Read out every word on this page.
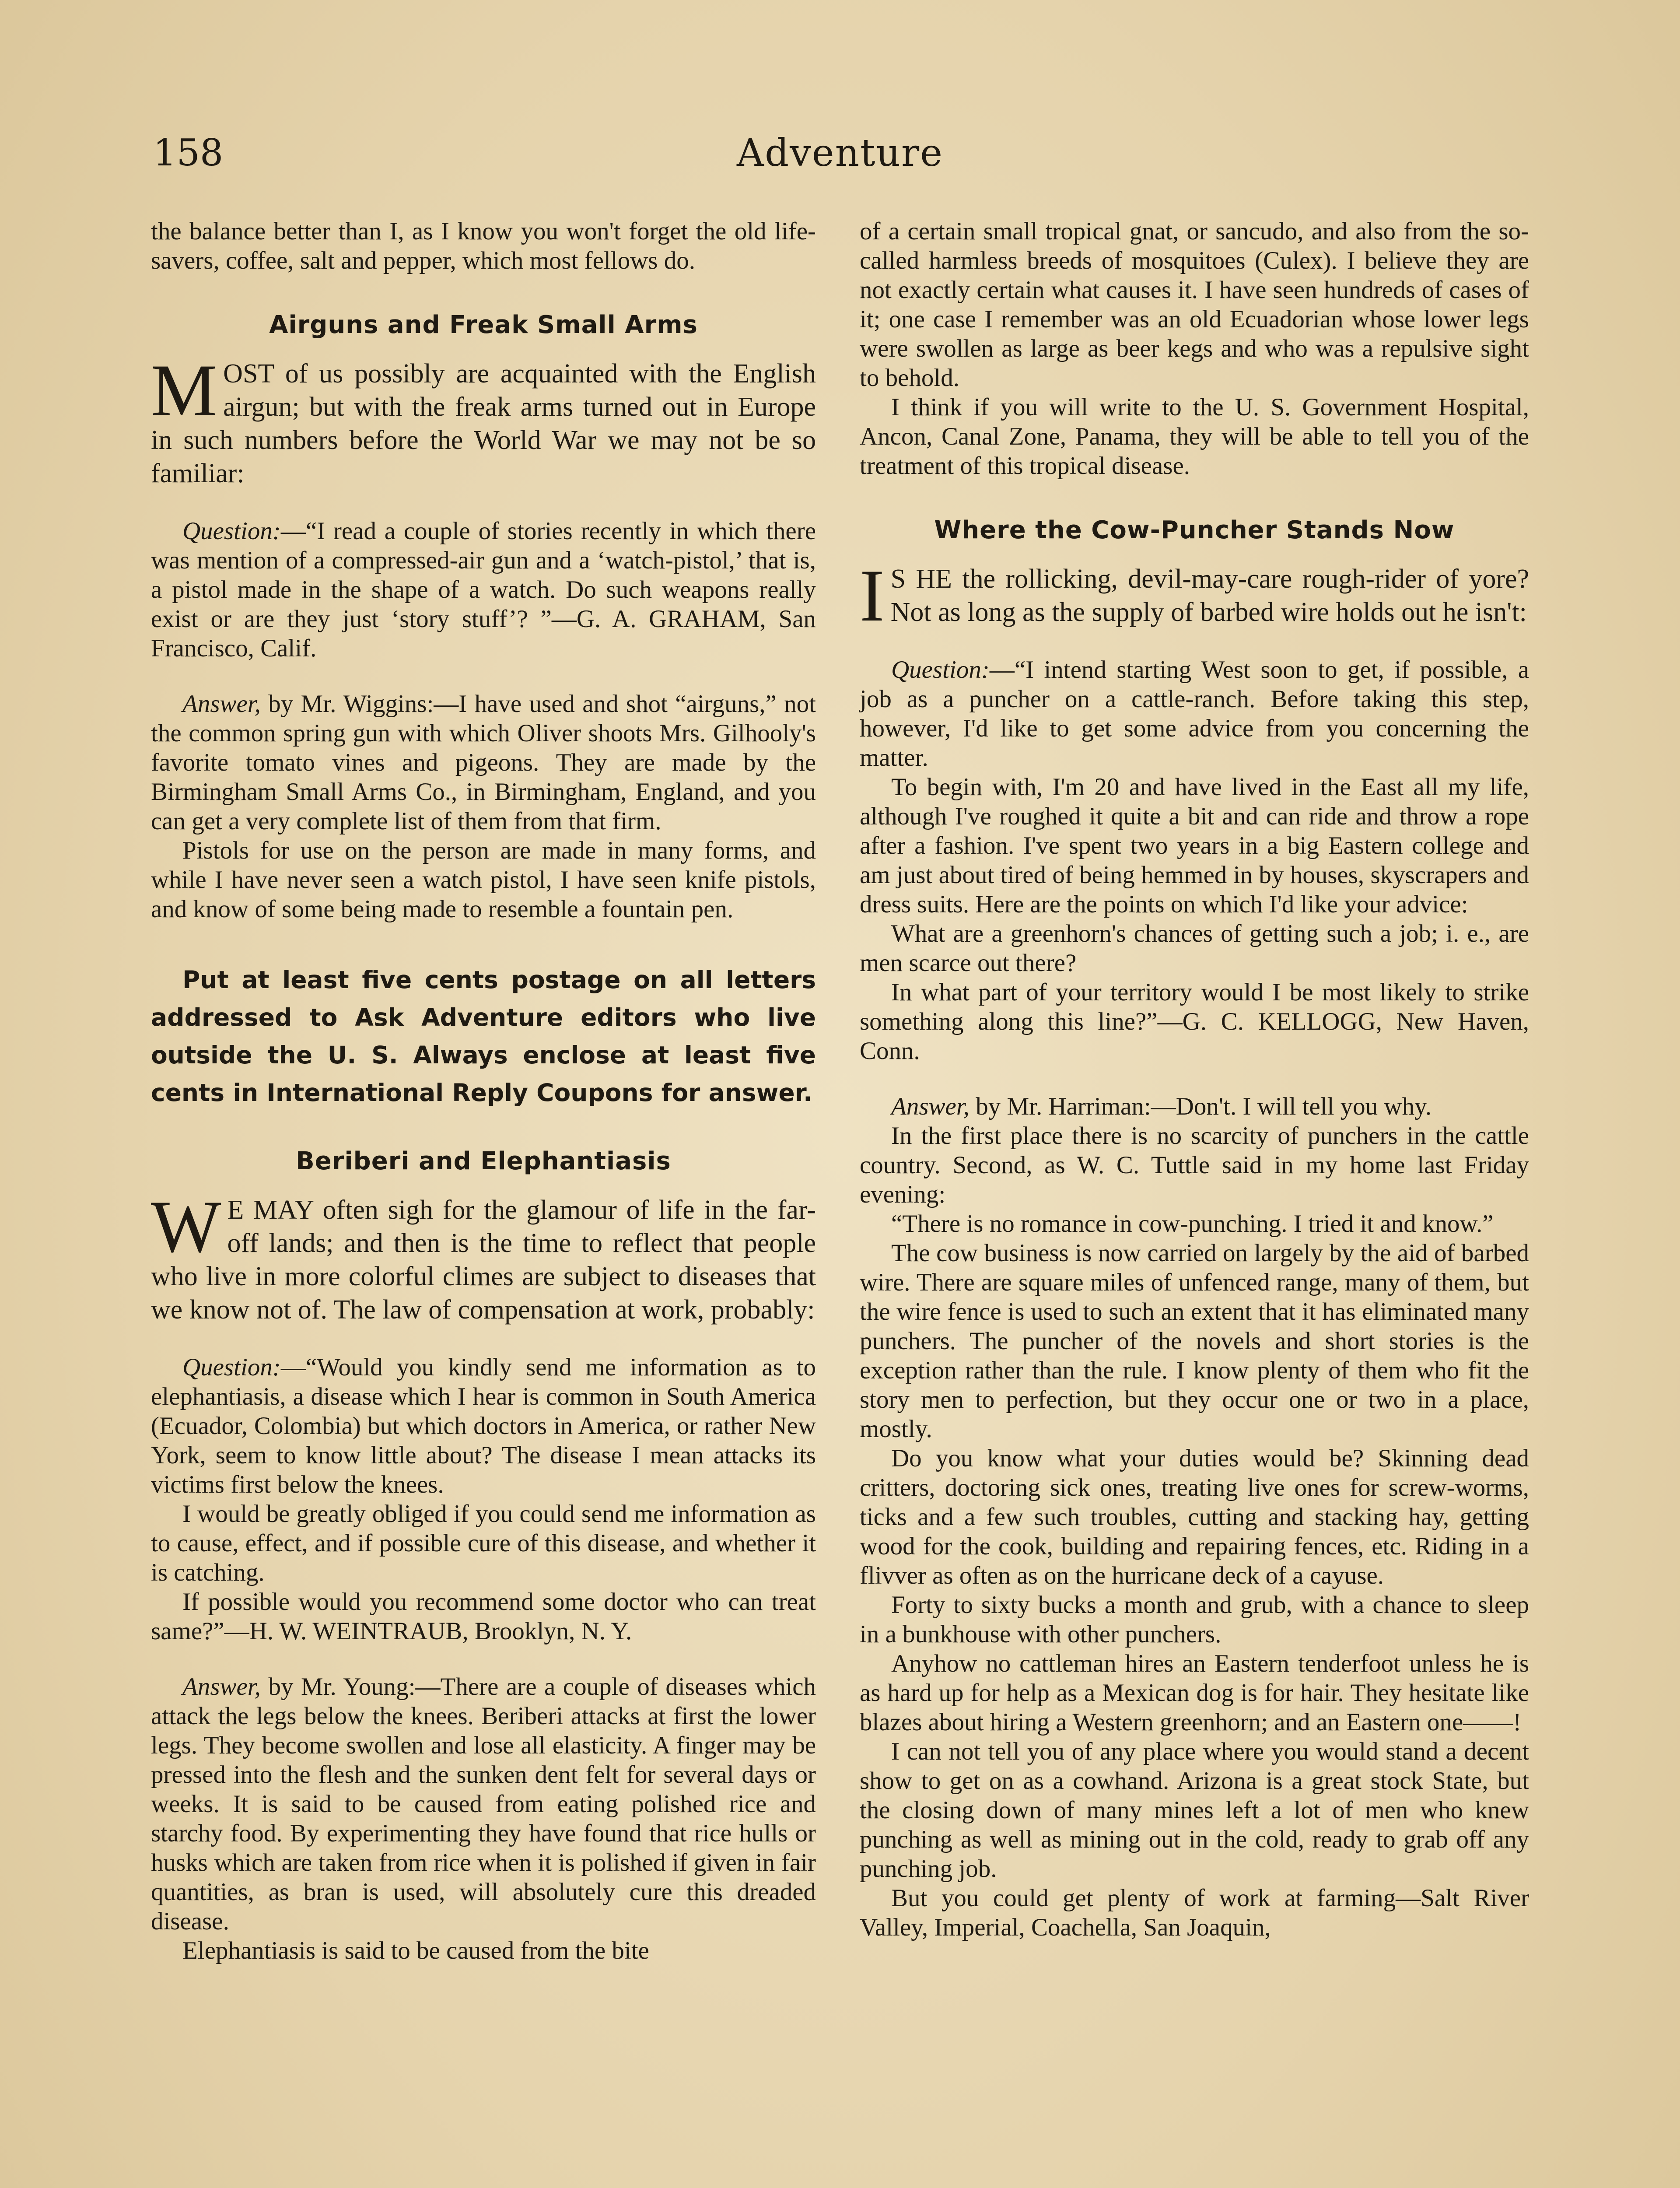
158	Adventure

the balance better than I, as I know you won't forget the old life-savers, coffee, salt and pepper, which most fellows do.

Airguns and Freak Small Arms

MOST of us possibly are acquainted with the English airgun; but with the freak arms turned out in Europe in such numbers before the World War we may not be so familiar:

Question:—“I read a couple of stories recently in which there was mention of a compressed-air gun and a ‘watch-pistol,’ that is, a pistol made in the shape of a watch. Do such weapons really exist or are they just ‘story stuff’? ”—G. A. GRAHAM, San Francisco, Calif.

Answer, by Mr. Wiggins:—I have used and shot “airguns,” not the common spring gun with which Oliver shoots Mrs. Gilhooly's favorite tomato vines and pigeons. They are made by the Birmingham Small Arms Co., in Birmingham, England, and you can get a very complete list of them from that firm.

Pistols for use on the person are made in many forms, and while I have never seen a watch pistol, I have seen knife pistols, and know of some being made to resemble a fountain pen.

Put at least five cents postage on all letters addressed to Ask Adventure editors who live outside the U. S. Always enclose at least five cents in International Reply Coupons for answer.

Beriberi and Elephantiasis

W E MAY often sigh for the glamour of life in the far-off lands; and then is the time to reflect that people who live in more colorful climes are subject to diseases that we know not of. The law of compensation at work, probably:

Question:—“Would you kindly send me information as to elephantiasis, a disease which I hear is common in South America (Ecuador, Colombia) but which doctors in America, or rather New York, seem to know little about? The disease I mean attacks its victims first below the knees.

I would be greatly obliged if you could send me information as to cause, effect, and if possible cure of this disease, and whether it is catching.

If possible would you recommend some doctor who can treat same?”—H. W. WEINTRAUB, Brooklyn, N. Y.

Answer, by Mr. Young:—There are a couple of diseases which attack the legs below the knees. Beriberi attacks at first the lower legs. They become swollen and lose all elasticity. A finger may be pressed into the flesh and the sunken dent felt for several days or weeks. It is said to be caused from eating polished rice and starchy food. By experimenting they have found that rice hulls or husks which are taken from rice when it is polished if given in fair quantities, as bran is used, will absolutely cure this dreaded disease.

Elephantiasis is said to be caused from the bite

of a certain small tropical gnat, or sancudo, and also from the so-called harmless breeds of mosquitoes (Culex). I believe they are not exactly certain what causes it. I have seen hundreds of cases of it; one case I remember was an old Ecuadorian whose lower legs were swollen as large as beer kegs and who was a repulsive sight to behold.

I think if you will write to the U. S. Government Hospital, Ancon, Canal Zone, Panama, they will be able to tell you of the treatment of this tropical disease.

Where the Cow-Puncher Stands Now

I S HE the rollicking, devil-may-care rough-rider of yore? Not as long as the supply of barbed wire holds out he isn't:

Question:—“I intend starting West soon to get, if possible, a job as a puncher on a cattle-ranch. Before taking this step, however, I'd like to get some advice from you concerning the matter.

To begin with, I'm 20 and have lived in the East all my life, although I've roughed it quite a bit and can ride and throw a rope after a fashion. I've spent two years in a big Eastern college and am just about tired of being hemmed in by houses, skyscrapers and dress suits. Here are the points on which I'd like your advice:

What are a greenhorn's chances of getting such a job; i. e., are men scarce out there?

In what part of your territory would I be most likely to strike something along this line?”—G. C. KELLOGG, New Haven, Conn.

Answer, by Mr. Harriman:—Don't. I will tell you why.

In the first place there is no scarcity of punchers in the cattle country. Second, as W. C. Tuttle said in my home last Friday evening:

“There is no romance in cow-punching. I tried it and know.”

The cow business is now carried on largely by the aid of barbed wire. There are square miles of unfenced range, many of them, but the wire fence is used to such an extent that it has eliminated many punchers. The puncher of the novels and short stories is the exception rather than the rule. I know plenty of them who fit the story men to perfection, but they occur one or two in a place, mostly.

Do you know what your duties would be? Skinning dead critters, doctoring sick ones, treating live ones for screw-worms, ticks and a few such troubles, cutting and stacking hay, getting wood for the cook, building and repairing fences, etc. Riding in a flivver as often as on the hurricane deck of a cayuse.

Forty to sixty bucks a month and grub, with a chance to sleep in a bunkhouse with other punchers.

Anyhow no cattleman hires an Eastern tenderfoot unless he is as hard up for help as a Mexican dog is for hair. They hesitate like blazes about hiring a Western greenhorn; and an Eastern one——!

I can not tell you of any place where you would stand a decent show to get on as a cowhand. Arizona is a great stock State, but the closing down of many mines left a lot of men who knew punching as well as mining out in the cold, ready to grab off any punching job.

But you could get plenty of work at farming—Salt River Valley, Imperial, Coachella, San Joaquin,
